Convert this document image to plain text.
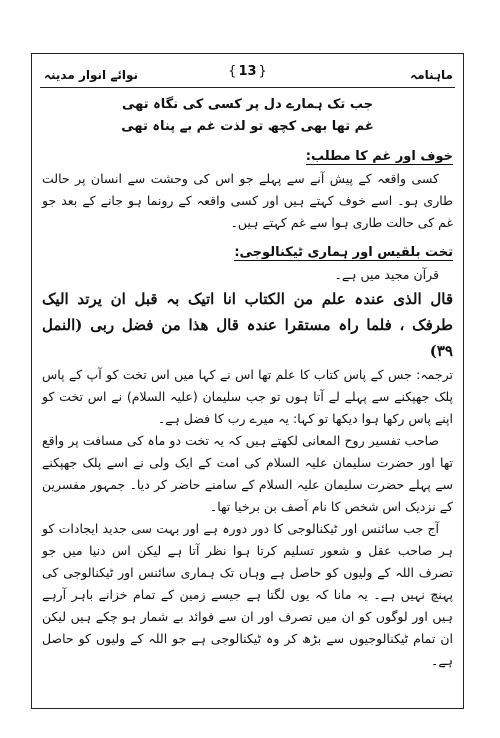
ماہنامہ
{ 13 }
نوائے انوار مدینہ
جب تک ہمارے دل پر کسی کی نگاہ تھی
غم تھا بھی کچھ تو لذت غم بے پناہ تھی
خوف اور غم کا مطلب:
کسی واقعہ کے پیش آنے سے پہلے جو اس کی وحشت سے انسان پر حالت طاری ہو۔ اسے خوف کہتے ہیں اور کسی واقعہ کے رونما ہو جانے کے بعد جو غم کی حالت طاری ہوا سے غم کہتے ہیں۔
تخت بلقیس اور ہماری ٹیکنالوجی:
قرآن مجید میں ہے۔
قال الذی عندہ علم من الکتاب انا اتیک بہ قبل ان یرتد الیک طرفک ، فلما راہ مستقرا عندہ قال ھذا من فضل ربی (النمل ۳۹)
ترجمہ: جس کے پاس کتاب کا علم تھا اس نے کہا میں اس تخت کو آپ کے پاس پلک جھپکنے سے پہلے لے آتا ہوں تو جب سلیمان (علیہ السلام) نے اس تخت کو اپنے پاس رکھا ہوا دیکھا تو کہا: یہ میرے رب کا فضل ہے۔
صاحب تفسیر روح المعانی لکھتے ہیں کہ یہ تخت دو ماہ کی مسافت پر واقع تھا اور حضرت سلیمان علیہ السلام کی امت کے ایک ولی نے اسے پلک جھپکنے سے پہلے حضرت سلیمان علیہ السلام کے سامنے حاضر کر دیا۔ جمہور مفسرین کے نزدیک اس شخص کا نام آصف بن برخیا تھا۔
آج جب سائنس اور ٹیکنالوجی کا دور دورہ ہے اور بہت سی جدید ایجادات کو ہر صاحب عقل و شعور تسلیم کرتا ہوا نظر آتا ہے لیکن اس دنیا میں جو تصرف اللہ کے ولیوں کو حاصل ہے وہاں تک ہماری سائنس اور ٹیکنالوجی کی پہنچ نہیں ہے۔ یہ مانا کہ یوں لگتا ہے جیسے زمین کے تمام خزانے باہر آرہے ہیں اور لوگوں کو ان میں تصرف اور ان سے فوائد بے شمار ہو چکے ہیں لیکن ان تمام ٹیکنالوجیوں سے بڑھ کر وہ ٹیکنالوجی ہے جو اللہ کے ولیوں کو حاصل ہے۔
